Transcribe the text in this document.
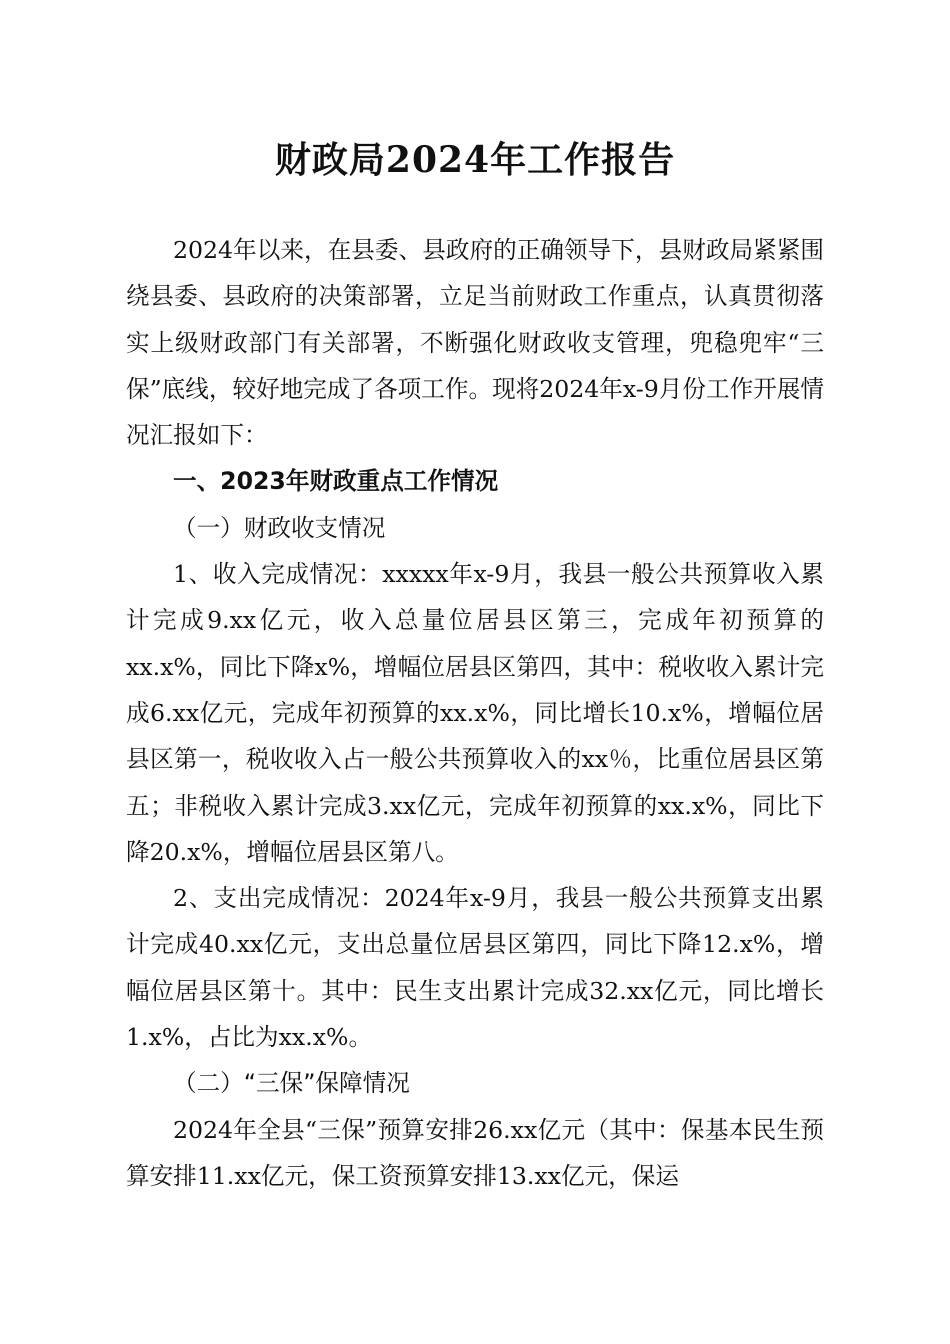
财政局2024年工作报告

2024年以来，在县委、县政府的正确领导下，县财政局紧紧围绕县委、县政府的决策部署，立足当前财政工作重点，认真贯彻落实上级财政部门有关部署，不断强化财政收支管理，兜稳兜牢“三保”底线，较好地完成了各项工作。现将2024年x-9月份工作开展情况汇报如下：

一、2023年财政重点工作情况

（一）财政收支情况

1、收入完成情况：xxxxx年x-9月，我县一般公共预算收入累计完成9.xx亿元，收入总量位居县区第三，完成年初预算的xx.x%，同比下降x%，增幅位居县区第四，其中：税收收入累计完成6.xx亿元，完成年初预算的xx.x%，同比增长10.x%，增幅位居县区第一，税收收入占一般公共预算收入的xx％，比重位居县区第五；非税收入累计完成3.xx亿元，完成年初预算的xx.x%，同比下降20.x%，增幅位居县区第八。

2、支出完成情况：2024年x-9月，我县一般公共预算支出累计完成40.xx亿元，支出总量位居县区第四，同比下降12.x%，增幅位居县区第十。其中：民生支出累计完成32.xx亿元，同比增长1.x%，占比为xx.x%。

（二）“三保”保障情况

2024年全县“三保”预算安排26.xx亿元（其中：保基本民生预算安排11.xx亿元，保工资预算安排13.xx亿元，保运
